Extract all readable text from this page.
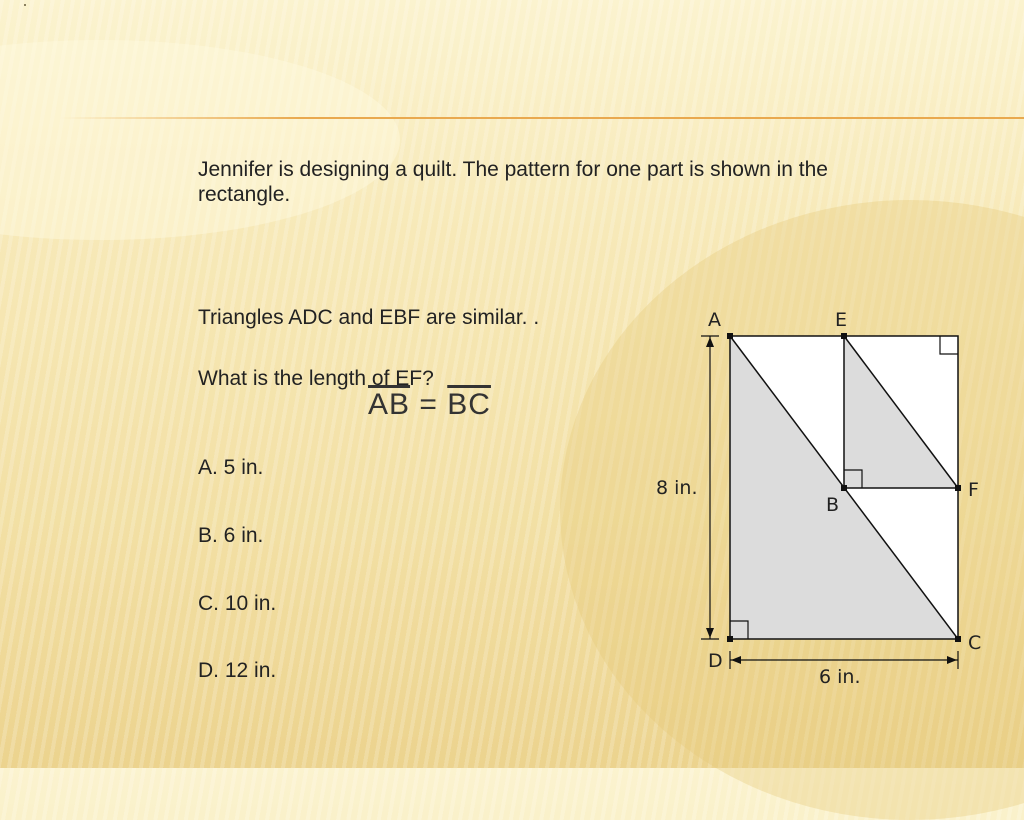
Jennifer is designing a quilt. The pattern for one part is shown in the rectangle.
Triangles ADC and EBF are similar. .
What is the length of EF?
$\overline{AB} = \overline{BC}$
A. 5 in.
B. 6 in.
C. 10 in.
D. 12 in.
A	E
B
F
D
C
8 in.
6 in.
